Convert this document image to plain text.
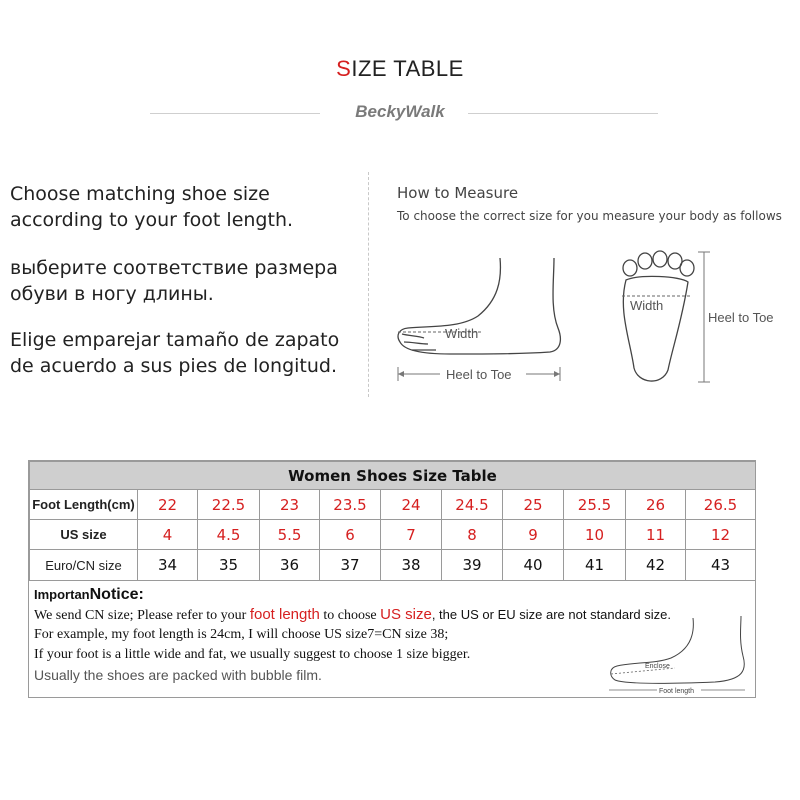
SIZE TABLE
BeckyWalk
Choose matching shoe size according to your foot length.
выберите соответствие размера обуви в ногу длины.
Elige emparejar tamaño de zapato de acuerdo a sus pies de longitud.
How to Measure
To choose the correct size for you measure your body as follows
Width
Heel to Toe
Width
Heel to Toe
Women Shoes Size Table										
Foot Length(cm)	22	22.5	23	23.5	24	24.5	25	25.5	26	26.5
US size	4	4.5	5.5	6	7	8	9	10	11	12
Euro/CN size	34	35	36	37	38	39	40	41	42	43
ImportanNotice:
We send CN size; Please refer to your foot length to choose US size, the US or EU size are not standard size.
For example, my foot length is 24cm, I will choose US size7=CN size 38;
If your foot is a little wide and fat, we usually suggest to choose 1 size bigger.
Usually the shoes are packed with bubble film.
Enclose
Foot length
